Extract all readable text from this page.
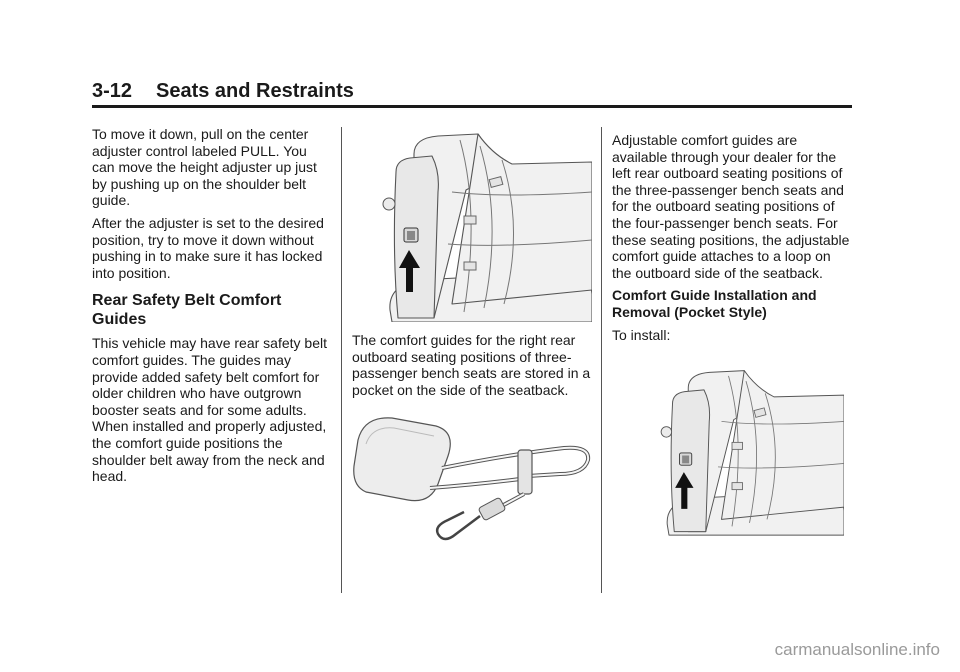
3-12 Seats and Restraints

To move it down, pull on the center adjuster control labeled PULL. You can move the height adjuster up just by pushing up on the shoulder belt guide.

After the adjuster is set to the desired position, try to move it down without pushing in to make sure it has locked into position.

Rear Safety Belt Comfort Guides

This vehicle may have rear safety belt comfort guides. The guides may provide added safety belt comfort for older children who have outgrown booster seats and for some adults. When installed and properly adjusted, the comfort guide positions the shoulder belt away from the neck and head.

The comfort guides for the right rear outboard seating positions of three-passenger bench seats are stored in a pocket on the side of the seatback.

Adjustable comfort guides are available through your dealer for the left rear outboard seating positions of the three-passenger bench seats and for the outboard seating positions of the four-passenger bench seats. For these seating positions, the adjustable comfort guide attaches to a loop on the outboard side of the seatback.

Comfort Guide Installation and Removal (Pocket Style)

To install:

carmanualsonline.info
